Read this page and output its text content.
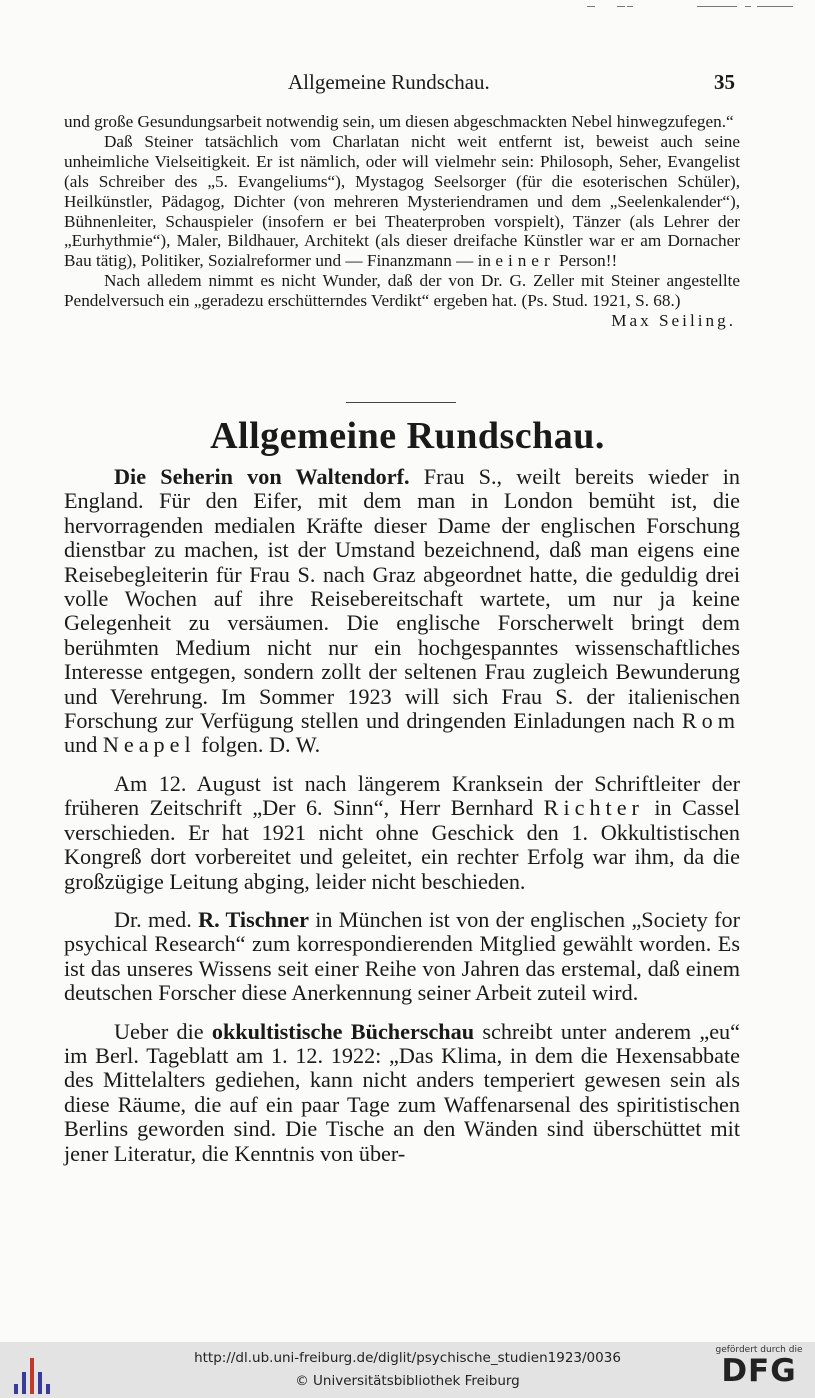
Allgemeine Rundschau.	35

und große Gesundungsarbeit notwendig sein, um diesen abgeschmackten Nebel hinwegzufegen.“

Daß Steiner tatsächlich vom Charlatan nicht weit entfernt ist, beweist auch seine unheimliche Vielseitigkeit. Er ist nämlich, oder will vielmehr sein: Philosoph, Seher, Evangelist (als Schreiber des „5. Evangeliums“), Mystagog Seelsorger (für die esoterischen Schüler), Heilkünstler, Pädagog, Dichter (von mehreren Mysteriendramen und dem „Seelenkalender“), Bühnenleiter, Schauspieler (insofern er bei Theaterproben vorspielt), Tänzer (als Lehrer der „Eurhythmie“), Maler, Bildhauer, Architekt (als dieser dreifache Künstler war er am Dornacher Bau tätig), Politiker, Sozialreformer und — Finanzmann — in einer Person!!

Nach alledem nimmt es nicht Wunder, daß der von Dr. G. Zeller mit Steiner angestellte Pendelversuch ein „geradezu erschütterndes Verdikt“ ergeben hat. (Ps. Stud. 1921, S. 68.)
Max Seiling.

Allgemeine Rundschau.

Die Seherin von Waltendorf. Frau S., weilt bereits wieder in England. Für den Eifer, mit dem man in London bemüht ist, die hervorragenden medialen Kräfte dieser Dame der englischen Forschung dienstbar zu machen, ist der Umstand bezeichnend, daß man eigens eine Reisebegleiterin für Frau S. nach Graz abgeordnet hatte, die geduldig drei volle Wochen auf ihre Reisebereitschaft wartete, um nur ja keine Gelegenheit zu versäumen. Die englische Forscherwelt bringt dem berühmten Medium nicht nur ein hochgespanntes wissenschaftliches Interesse entgegen, sondern zollt der seltenen Frau zugleich Bewunderung und Verehrung. Im Sommer 1923 will sich Frau S. der italienischen Forschung zur Verfügung stellen und dringenden Einladungen nach Rom und Neapel folgen. D. W.

Am 12. August ist nach längerem Kranksein der Schriftleiter der früheren Zeitschrift „Der 6. Sinn“, Herr Bernhard Richter in Cassel verschieden. Er hat 1921 nicht ohne Geschick den 1. Okkultistischen Kongreß dort vorbereitet und geleitet, ein rechter Erfolg war ihm, da die großzügige Leitung abging, leider nicht beschieden.

Dr. med. R. Tischner in München ist von der englischen „Society for psychical Research“ zum korrespondierenden Mitglied gewählt worden. Es ist das unseres Wissens seit einer Reihe von Jahren das erstemal, daß einem deutschen Forscher diese Anerkennung seiner Arbeit zuteil wird.

Ueber die okkultistische Bücherschau schreibt unter anderem „eu“ im Berl. Tageblatt am 1. 12. 1922: „Das Klima, in dem die Hexensabbate des Mittelalters gediehen, kann nicht anders temperiert gewesen sein als diese Räume, die auf ein paar Tage zum Waffenarsenal des spiritistischen Berlins geworden sind. Die Tische an den Wänden sind überschüttet mit jener Literatur, die Kenntnis von über-

http://dl.ub.uni-freiburg.de/diglit/psychische_studien1923/0036
© Universitätsbibliothek Freiburg
gefördert durch die
DFG
